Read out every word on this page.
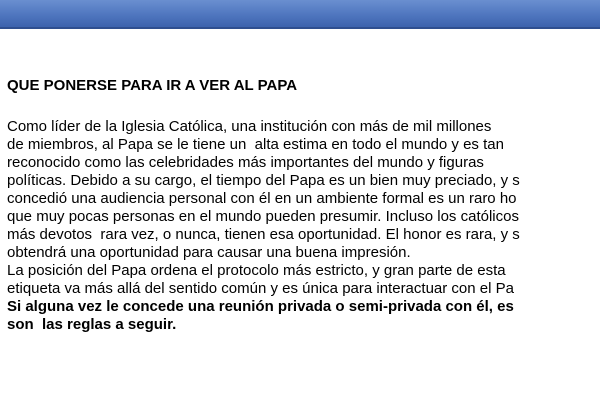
QUE PONERSE PARA IR A VER AL PAPA
Como líder de la Iglesia Católica, una institución con más de mil millones
de miembros, al Papa se le tiene un  alta estima en todo el mundo y es tan
reconocido como las celebridades más importantes del mundo y figuras
políticas. Debido a su cargo, el tiempo del Papa es un bien muy preciado, y s
concedió una audiencia personal con él en un ambiente formal es un raro ho
que muy pocas personas en el mundo pueden presumir. Incluso los católicos
más devotos  rara vez, o nunca, tienen esa oportunidad. El honor es rara, y s
obtendrá una oportunidad para causar una buena impresión.
La posición del Papa ordena el protocolo más estricto, y gran parte de esta
etiqueta va más allá del sentido común y es única para interactuar con el Pa
Si alguna vez le concede una reunión privada o semi-privada con él, es
son  las reglas a seguir.
